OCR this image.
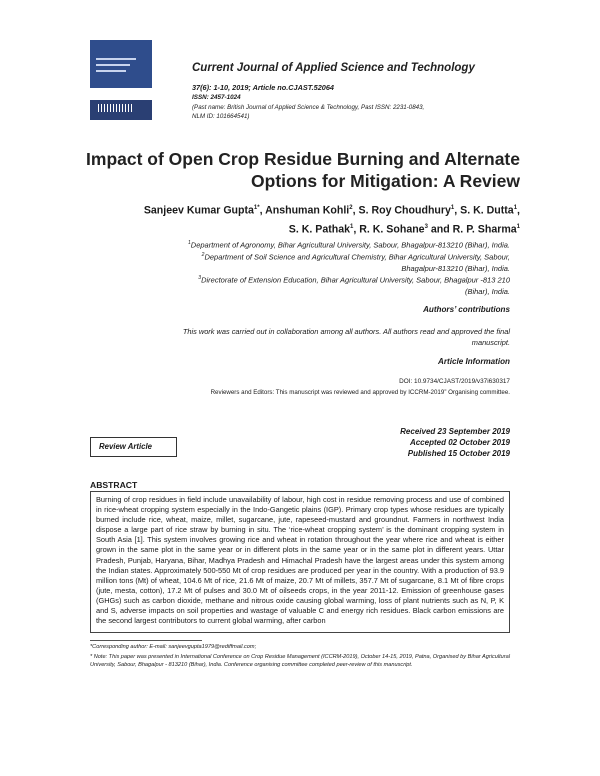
Current Journal of Applied Science and Technology
37(6): 1-10, 2019; Article no.CJAST.52064
ISSN: 2457-1024
(Past name: British Journal of Applied Science & Technology, Past ISSN: 2231-0843,
NLM ID: 101664541)
Impact of Open Crop Residue Burning and Alternate
Options for Mitigation: A Review
Sanjeev Kumar Gupta$^{1*}$, Anshuman Kohli$^2$, S. Roy Choudhury$^1$, S. K. Dutta$^1$,
S. K. Pathak$^1$, R. K. Sohane$^3$ and R. P. Sharma$^1$
$^1$Department of Agronomy, Bihar Agricultural University, Sabour, Bhagalpur-813210 (Bihar), India.
$^2$Department of Soil Science and Agricultural Chemistry, Bihar Agricultural University, Sabour,
Bhagalpur-813210 (Bihar), India.
$^3$Directorate of Extension Education, Bihar Agricultural University, Sabour, Bhagalpur -813 210
(Bihar), India.
Authors’ contributions
This work was carried out in collaboration among all authors. All authors read and approved the final
manuscript.
Article Information
DOI: 10.9734/CJAST/2019/v37i630317
Reviewers and Editors: This manuscript was reviewed and approved by ICCRM-2019” Organising committee.
Received 23 September 2019
Accepted 02 October 2019
Published 15 October 2019
Review Article
ABSTRACT

Burning of crop residues in field include unavailability of labour, high cost in residue removing process and use of combined in rice-wheat cropping system especially in the Indo-Gangetic plains (IGP). Primary crop types whose residues are typically burned include rice, wheat, maize, millet, sugarcane, jute, rapeseed-mustard and groundnut. Farmers in northwest India dispose a large part of rice straw by burning in situ. The ‘rice-wheat cropping system’ is the dominant cropping system in South Asia [1]. This system involves growing rice and wheat in rotation throughout the year where rice and wheat is either grown in the same plot in the same year or in different plots in the same year or in the same plot in different years. Uttar Pradesh, Punjab, Haryana, Bihar, Madhya Pradesh and Himachal Pradesh have the largest areas under this system among the Indian states. Approximately 500-550 Mt of crop residues are produced per year in the country. With a production of 93.9 million tons (Mt) of wheat, 104.6 Mt of rice, 21.6 Mt of maize, 20.7 Mt of millets, 357.7 Mt of sugarcane, 8.1 Mt of fibre crops (jute, mesta, cotton), 17.2 Mt of pulses and 30.0 Mt of oilseeds crops, in the year 2011-12. Emission of greenhouse gases (GHGs) such as carbon dioxide, methane and nitrous oxide causing global warming, loss of plant nutrients such as N, P, K and S, adverse impacts on soil properties and wastage of valuable C and energy rich residues. Black carbon emissions are the second largest contributors to current global warming, after carbon

*Corresponding author: E-mail: sanjeevgupta1979@rediffmail.com;
* Note: This paper was presented in International Conference on Crop Residue Management (ICCRM-2019), October 14-15, 2019, Patna, Organised by Bihar Agricultural University, Sabour, Bhagalpur - 813210 (Bihar), India. Conference organising committee completed peer-review of this manuscript.
